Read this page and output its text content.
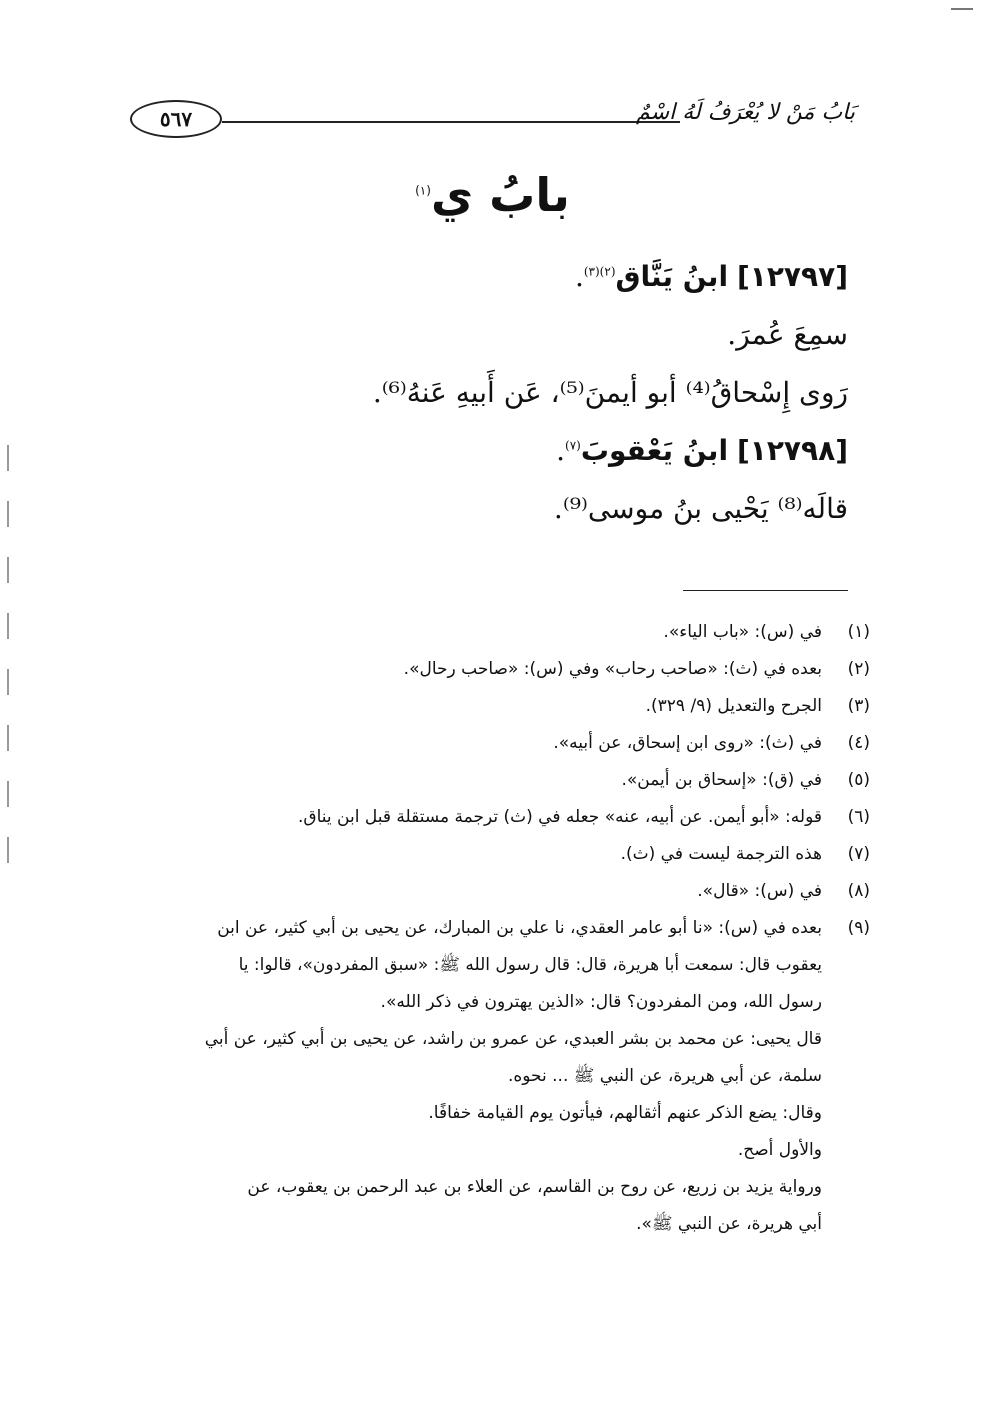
٥٦٧	بَابُ مَنْ لا يُعْرَفُ لَهُ اسْمٌ
بابُ ي$^{(١)}$
[١٢٧٩٧] ابنُ يَنَّاق$^{(٢)(٣)}$.
سمِعَ عُمرَ.
رَوى إِسْحاقُ⁽⁴⁾ أبو أيمنَ⁽⁵⁾، عَن أَبيهِ عَنهُ⁽⁶⁾.
[١٢٧٩٨] ابنُ يَعْقوبَ$^{(٧)}$.
قالَه⁽⁸⁾ يَحْيى بنُ موسى⁽⁹⁾.
(١)
في (س): «باب الياء».
(٢)
بعده في (ث): «صاحب رحاب» وفي (س): «صاحب رحال».
(٣)
الجرح والتعديل (٩/ ٣٢٩).
(٤)
في (ث): «روى ابن إسحاق، عن أبيه».
(٥)
في (ق): «إسحاق بن أيمن».
(٦)
قوله: «أبو أيمن. عن أبيه، عنه» جعله في (ث) ترجمة مستقلة قبل ابن يناق.
(٧)
هذه الترجمة ليست في (ث).
(٨)
في (س): «قال».
(٩)
بعده في (س): «نا أبو عامر العقدي، نا علي بن المبارك، عن يحيى بن أبي كثير، عن ابن
يعقوب قال: سمعت أبا هريرة، قال: قال رسول الله ﷺ: «سبق المفردون»، قالوا: يا
رسول الله، ومن المفردون؟ قال: «الذين يهترون في ذكر الله».
قال يحيى: عن محمد بن بشر العبدي، عن عمرو بن راشد، عن يحيى بن أبي كثير، عن أبي
سلمة، عن أبي هريرة، عن النبي ﷺ ... نحوه.
وقال: يضع الذكر عنهم أثقالهم، فيأتون يوم القيامة خفافًا.
والأول أصح.
ورواية يزيد بن زريع، عن روح بن القاسم، عن العلاء بن عبد الرحمن بن يعقوب، عن
أبي هريرة، عن النبي ﷺ».
